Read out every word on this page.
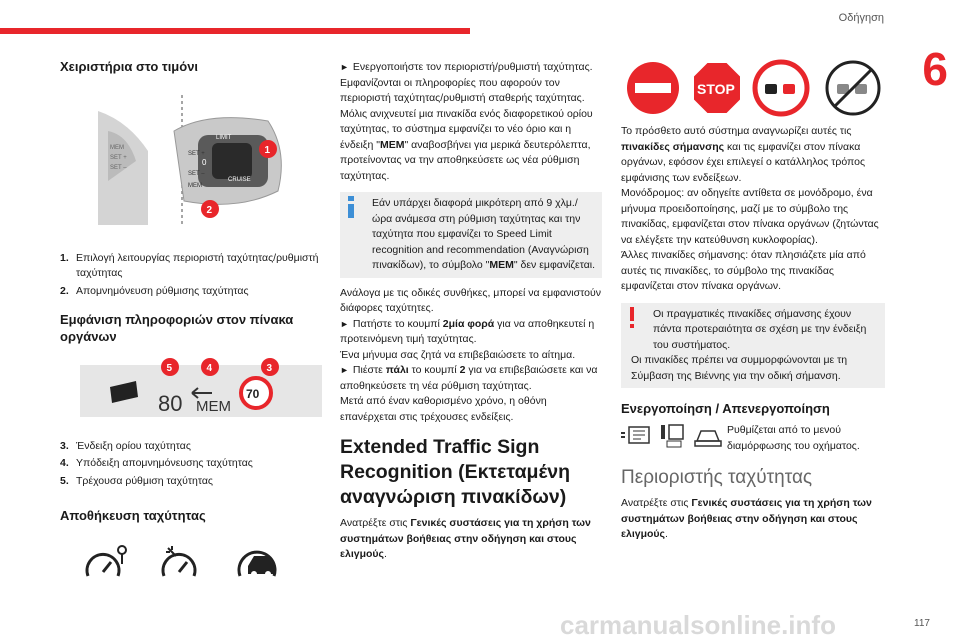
Οδήγηση
6
117
carmanualsonline.info
Χειριστήρια στο τιμόνι
MEM
SET +
SET –
LIMIT
CRUISE
MEM
0
SET +
SET –
1
2
1. Επιλογή λειτουργίας περιοριστή ταχύτητας/ρυθμιστή ταχύτητας
2. Απομνημόνευση ρύθμισης ταχύτητας
Εμφάνιση πληροφοριών στον πίνακα οργάνων
80 MEM
70
5	4	3
3. Ένδειξη ορίου ταχύτητας
4. Υπόδειξη απομνημόνευσης ταχύτητας
5. Τρέχουσα ρύθμιση ταχύτητας
Αποθήκευση ταχύτητας

► Ενεργοποιήστε τον περιοριστή/ρυθμιστή ταχύτητας. Εμφανίζονται οι πληροφορίες που αφορούν τον περιοριστή ταχύτητας/ρυθμιστή σταθερής ταχύτητας.

Μόλις ανιχνευτεί μια πινακίδα ενός διαφορετικού ορίου ταχύτητας, το σύστημα εμφανίζει το νέο όριο και η ένδειξη "MEM" αναβοσβήνει για μερικά δευτερόλεπτα, προτείνοντας να την αποθηκεύσετε ως νέα ρύθμιση ταχύτητας.

Εάν υπάρχει διαφορά μικρότερη από 9 χλμ./ώρα ανάμεσα στη ρύθμιση ταχύτητας και την ταχύτητα που εμφανίζει το Speed Limit recognition and recommendation (Αναγνώριση πινακίδων), το σύμβολο "MEM" δεν εμφανίζεται.

Ανάλογα με τις οδικές συνθήκες, μπορεί να εμφανιστούν διάφορες ταχύτητες.

► Πατήστε το κουμπί 2μία φορά για να αποθηκευτεί η προτεινόμενη τιμή ταχύτητας.

Ένα μήνυμα σας ζητά να επιβεβαιώσετε το αίτημα.

► Πιέστε πάλι το κουμπί 2 για να επιβεβαιώσετε και να αποθηκεύσετε τη νέα ρύθμιση ταχύτητας.

Μετά από έναν καθορισμένο χρόνο, η οθόνη επανέρχεται στις τρέχουσες ενδείξεις.

Extended Traffic Sign Recognition (Εκτεταμένη αναγνώριση πινακίδων)

Ανατρέξτε στις Γενικές συστάσεις για τη χρήση των συστημάτων βοήθειας στην οδήγηση και στους ελιγμούς.

STOP

Το πρόσθετο αυτό σύστημα αναγνωρίζει αυτές τις πινακίδες σήμανσης και τις εμφανίζει στον πίνακα οργάνων, εφόσον έχει επιλεγεί ο κατάλληλος τρόπος εμφάνισης των ενδείξεων.

Μονόδρομος: αν οδηγείτε αντίθετα σε μονόδρομο, ένα μήνυμα προειδοποίησης, μαζί με το σύμβολο της πινακίδας, εμφανίζεται στον πίνακα οργάνων (ζητώντας να ελέγξετε την κατεύθυνση κυκλοφορίας).

Άλλες πινακίδες σήμανσης: όταν πλησιάζετε μία από αυτές τις πινακίδες, το σύμβολο της πινακίδας εμφανίζεται στον πίνακα οργάνων.

Οι πραγματικές πινακίδες σήμανσης έχουν πάντα προτεραιότητα σε σχέση με την ένδειξη του συστήματος.

Οι πινακίδες πρέπει να συμμορφώνονται με τη Σύμβαση της Βιέννης για την οδική σήμανση.

Ενεργοποίηση / Απενεργοποίηση

Ρυθμίζεται από το μενού διαμόρφωσης του οχήματος.

Περιοριστής ταχύτητας

Ανατρέξτε στις Γενικές συστάσεις για τη χρήση των συστημάτων βοήθειας στην οδήγηση και στους ελιγμούς.
